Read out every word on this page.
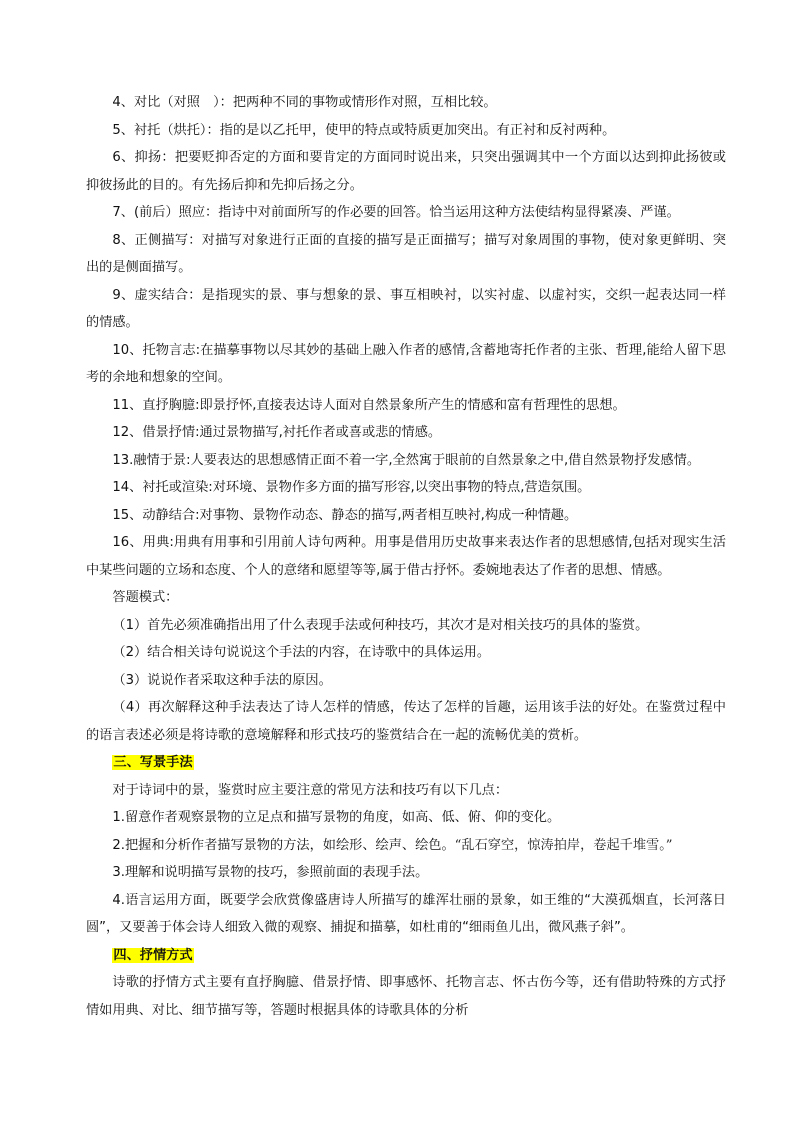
4、对比（对照　）：把两种不同的事物或情形作对照，互相比较。

5、衬托（烘托）：指的是以乙托甲，使甲的特点或特质更加突出。有正衬和反衬两种。

6、抑扬：把要贬抑否定的方面和要肯定的方面同时说出来，只突出强调其中一个方面以达到抑此扬彼或抑彼扬此的目的。有先扬后抑和先抑后扬之分。

7、(前后）照应：指诗中对前面所写的作必要的回答。恰当运用这种方法使结构显得紧凑、严谨。

8、正侧描写：对描写对象进行正面的直接的描写是正面描写；描写对象周围的事物，使对象更鲜明、突出的是侧面描写。

9、虚实结合：是指现实的景、事与想象的景、事互相映衬，以实衬虚、以虚衬实，交织一起表达同一样的情感。

10、托物言志:在描摹事物以尽其妙的基础上融入作者的感情,含蓄地寄托作者的主张、哲理,能给人留下思考的余地和想象的空间。

11、直抒胸臆:即景抒怀,直接表达诗人面对自然景象所产生的情感和富有哲理性的思想。

12、借景抒情:通过景物描写,衬托作者或喜或悲的情感。

13.融情于景:人要表达的思想感情正面不着一字,全然寓于眼前的自然景象之中,借自然景物抒发感情。

14、衬托或渲染:对环境、景物作多方面的描写形容,以突出事物的特点,营造氛围。

15、动静结合:对事物、景物作动态、静态的描写,两者相互映衬,构成一种情趣。

16、用典:用典有用事和引用前人诗句两种。用事是借用历史故事来表达作者的思想感情,包括对现实生活中某些问题的立场和态度、个人的意绪和愿望等等,属于借古抒怀。委婉地表达了作者的思想、情感。

答题模式：

（1）首先必须准确指出用了什么表现手法或何种技巧，其次才是对相关技巧的具体的鉴赏。

（2）结合相关诗句说说这个手法的内容，在诗歌中的具体运用。

（3）说说作者采取这种手法的原因。

（4）再次解释这种手法表达了诗人怎样的情感，传达了怎样的旨趣，运用该手法的好处。在鉴赏过程中的语言表述必须是将诗歌的意境解释和形式技巧的鉴赏结合在一起的流畅优美的赏析。

三、写景手法

对于诗词中的景，鉴赏时应主要注意的常见方法和技巧有以下几点：

1.留意作者观察景物的立足点和描写景物的角度，如高、低、俯、仰的变化。

2.把握和分析作者描写景物的方法，如绘形、绘声、绘色。“乱石穿空，惊涛拍岸，卷起千堆雪。”

3.理解和说明描写景物的技巧，参照前面的表现手法。

4.语言运用方面，既要学会欣赏像盛唐诗人所描写的雄浑壮丽的景象，如王维的“大漠孤烟直，长河落日圆”，又要善于体会诗人细致入微的观察、捕捉和描摹，如杜甫的“细雨鱼儿出，微风燕子斜”。

四、抒情方式

诗歌的抒情方式主要有直抒胸臆、借景抒情、即事感怀、托物言志、怀古伤今等，还有借助特殊的方式抒情如用典、对比、细节描写等，答题时根据具体的诗歌具体的分析
